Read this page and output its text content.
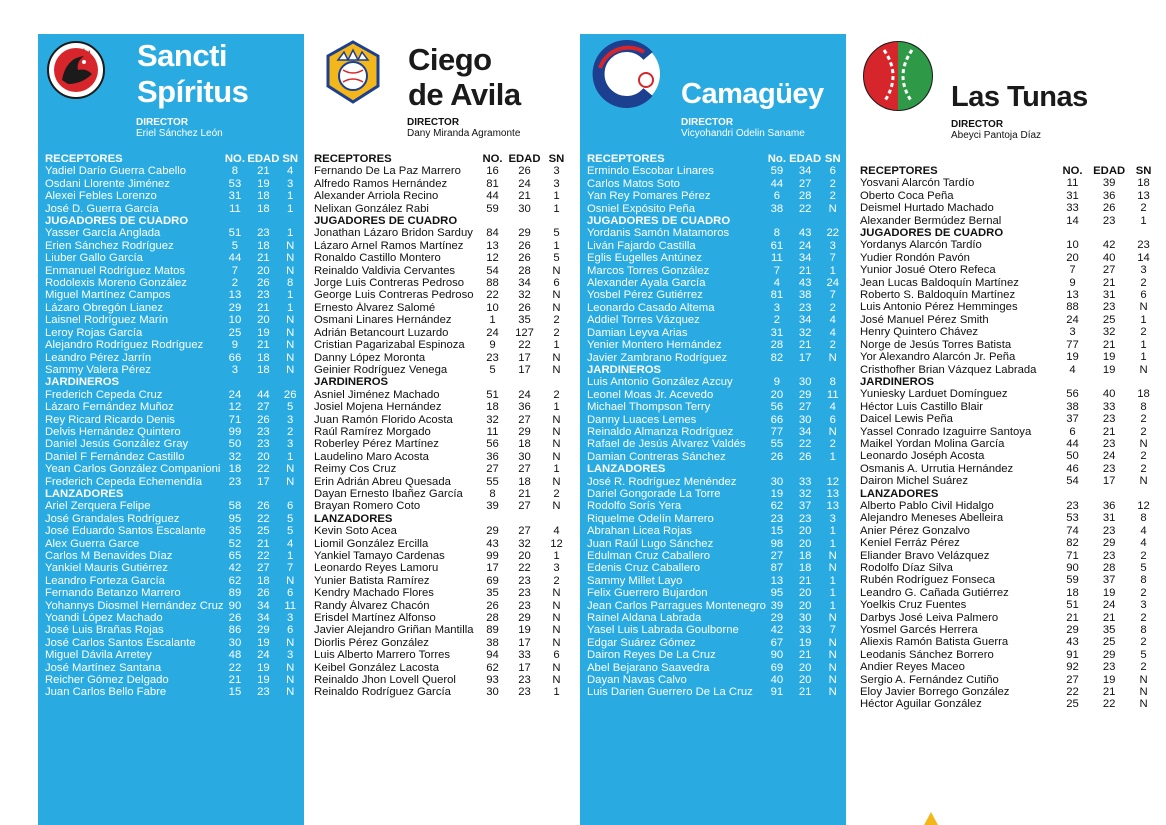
Sancti
Spíritus
DIRECTOR
Eriel Sánchez León
RECEPTORES	NO.	EDAD	SN
Yadiel Darío Guerra Cabello	8	21	4
Osdani Llorente Jiménez	53	19	3
Alexei Febles Lorenzo	31	18	1
José D. Guerra García	11	18	1
JUGADORES DE CUADRO			
Yasser García Anglada	51	23	1
Erien Sánchez Rodríguez	5	18	N
Liuber Gallo García	44	21	N
Enmanuel Rodríguez Matos	7	20	N
Rodolexis Moreno González	2	26	8
Miguel Martínez Campos	13	23	1
Lázaro Obregón Lianez	29	21	1
Laisnel Rodríguez Marín	10	20	N
Leroy Rojas García	25	19	N
Alejandro Rodríguez Rodríguez	9	21	N
Leandro Pérez Jarrín	66	18	N
Sammy Valera Pérez	3	18	N
JARDINEROS			
Frederich Cepeda Cruz	24	44	26
Lázaro Fernández Muñoz	12	27	5
Rey Ricard Ricardo Denis	71	26	3
Delvis Hernández Quintero	99	23	2
Daniel Jesús González Gray	50	23	3
Daniel F Fernández Castillo	32	20	1
Yean Carlos González Companioni	18	22	N
Frederich Cepeda Echemendía	23	17	N
LANZADORES			
Ariel Zerquera Felipe	58	26	6
José Grandales Rodríguez	95	22	5
José Eduardo Santos Escalante	35	25	5
Alex Guerra Garce	52	21	4
Carlos M Benavides Díaz	65	22	1
Yankiel Mauris Gutiérrez	42	27	7
Leandro Forteza García	62	18	N
Fernando Betanzo Marrero	89	26	6
Yohannys Diosmel Hernández Cruz	90	34	11
Yoandi López Machado	26	34	3
José Luis Brañas Rojas	86	29	6
José Carlos Santos Escalante	30	19	N
Miguel Dávila Arretey	48	24	3
José Martínez Santana	22	19	N
Reicher Gómez Delgado	21	19	N
Juan Carlos Bello Fabre	15	23	N
Ciego
de Avila
DIRECTOR
Dany Miranda Agramonte
RECEPTORES	NO.	EDAD	SN
Fernando De La Paz Marrero	16	26	3
Alfredo Ramos Hernández	81	24	3
Alexander Arriola Recino	44	21	1
Nelixan González Rabi	59	30	1
JUGADORES DE CUADRO			
Jonathan Lázaro Bridon Sarduy	84	29	5
Lázaro Arnel Ramos Martínez	13	26	1
Ronaldo Castillo Montero	12	26	5
Reinaldo Valdivia Cervantes	54	28	N
Jorge Luis Contreras Pedroso	88	34	6
George Luis Contreras Pedroso	22	32	N
Ernesto Álvarez Salomé	10	26	N
Osmani Linares Hernández	1	35	2
Adrián Betancourt Luzardo	24	127	2
Cristian Pagarizabal Espinoza	9	22	1
Danny López Moronta	23	17	N
Geinier Rodríguez Venega	5	17	N
JARDINEROS			
Asniel Jiménez Machado	51	24	2
Josiel Mojena Hernández	18	36	1
Juan Ramón Florido Acosta	32	27	N
Raúl Ramírez Morgado	11	29	N
Roberley Pérez Martínez	56	18	N
Laudelino Maro Acosta	36	30	N
Reimy Cos Cruz	27	27	1
Erin Adrián Abreu Quesada	55	18	N
Dayan Ernesto Ibañez García	8	21	2
Brayan Romero Coto	39	27	N
LANZADORES			
Kevin Soto Acea	29	27	4
Liomil González Ercilla	43	32	12
Yankiel Tamayo Cardenas	99	20	1
Leonardo Reyes Lamoru	17	22	3
Yunier Batista Ramírez	69	23	2
Kendry Machado Flores	35	23	N
Randy Álvarez Chacón	26	23	N
Erisdel Martínez Alfonso	28	29	N
Javier Alejandro Griñan Mantilla	89	19	N
Diorlis Pérez González	38	17	N
Luis Alberto Marrero Torres	94	33	6
Keibel González Lacosta	62	17	N
Reinaldo Jhon Lovell Querol	93	23	N
Reinaldo Rodríguez García	30	23	1
Camagüey
DIRECTOR
Vicyohandri Odelin Saname
RECEPTORES	No.	EDAD	SN
Ermindo Escobar Linares	59	34	6
Carlos Matos Soto	44	27	2
Yan Rey Pomares Pérez	6	28	2
Osniel Expósito Peña	38	22	N
JUGADORES DE CUADRO			
Yordanis Samón Matamoros	8	43	22
Liván Fajardo Castilla	61	24	3
Eglis Eugelles Antúnez	11	34	7
Marcos Torres González	7	21	1
Alexander Ayala García	4	43	24
Yosbel Pérez Gutiérrez	81	38	7
Leonardo Casado Altema	3	23	2
Addiel Torres Vázquez	2	34	4
Damian Leyva Arias	31	32	4
Yenier Montero Hernández	28	21	2
Javier Zambrano Rodríguez	82	17	N
JARDINEROS			
Luis Antonio González Azcuy	9	30	8
Leonel Moas Jr. Acevedo	20	29	11
Michael Thompson Terry	56	27	4
Danny Luaces Lemes	66	30	6
Reinaldo Almanza Rodríguez	77	34	N
Rafael de Jesús Álvarez Valdés	55	22	2
Damian Contreras Sánchez	26	26	1
LANZADORES			
José R. Rodríguez Menéndez	30	33	12
Dariel Gongorade La Torre	19	32	13
Rodolfo Sorís Yera	62	37	13
Riquelme Odelín Marrero	23	23	3
Abrahan Licea Rojas	15	20	1
Juan Raúl Lugo Sánchez	98	20	1
Edulman Cruz Caballero	27	18	N
Edenis Cruz Caballero	87	18	N
Sammy Millet Layo	13	21	1
Felix Guerrero Bujardon	95	20	1
Jean Carlos Parragues Montenegro	39	20	1
Rainel Aldana Labrada	29	30	N
Yasel Luis Labrada Goulborne	42	33	7
Edgar Suárez Gómez	67	19	N
Dairon Reyes De La Cruz	90	21	N
Abel Bejarano Saavedra	69	20	N
Dayan Navas Calvo	40	20	N
Luis Darien Guerrero De La Cruz	91	21	N
Las Tunas
DIRECTOR
Abeyci Pantoja Díaz
RECEPTORES	NO.	EDAD	SN
Yosvani Alarcón Tardío	11	39	18
Oberto Coca Peña	31	36	13
Deismel Hurtado Machado	33	26	2
Alexander Bermúdez Bernal	14	23	1
JUGADORES DE CUADRO			
Yordanys Alarcón Tardío	10	42	23
Yudier Rondón Pavón	20	40	14
Yunior Josué Otero Refeca	7	27	3
Jean Lucas Baldoquín Martínez	9	21	2
Roberto S. Baldoquín Martínez	13	31	6
Luis Antonio Pérez Hemminges	88	23	N
José Manuel Pérez Smith	24	25	1
Henry Quintero Chávez	3	32	2
Norge de Jesús Torres Batista	77	21	1
Yor Alexandro Alarcón Jr. Peña	19	19	1
Cristhofher Brian Vázquez Labrada	4	19	N
JARDINEROS			
Yuniesky Larduet Domínguez	56	40	18
Héctor Luis Castillo Blair	38	33	8
Daicel Lewis Peña	37	23	2
Yassel Conrado Izaguirre Santoya	6	21	2
Maikel Yordan Molina García	44	23	N
Leonardo Joséph Acosta	50	24	2
Osmanis A. Urrutia Hernández	46	23	2
Dairon Michel Suárez	54	17	N
LANZADORES			
Alberto Pablo Civil Hidalgo	23	36	12
Alejandro Meneses Abelleira	53	31	8
Anier Pérez Gonzalvo	74	23	4
Keniel Ferráz Pérez	82	29	4
Eliander Bravo Velázquez	71	23	2
Rodolfo Díaz Silva	90	28	5
Rubén Rodríguez Fonseca	59	37	8
Leandro G. Cañada Gutiérrez	18	19	2
Yoelkis Cruz Fuentes	51	24	3
Darbys José Leiva Palmero	21	21	2
Yosmel Garcés Herrera	29	35	8
Aliexis Ramón Batista Guerra	43	25	2
Leodanis Sánchez Borrero	91	29	5
Andier Reyes Maceo	92	23	2
Sergio A. Fernández Cutiño	27	19	N
Eloy Javier Borrego González	22	21	N
Héctor Aguilar González	25	22	N
